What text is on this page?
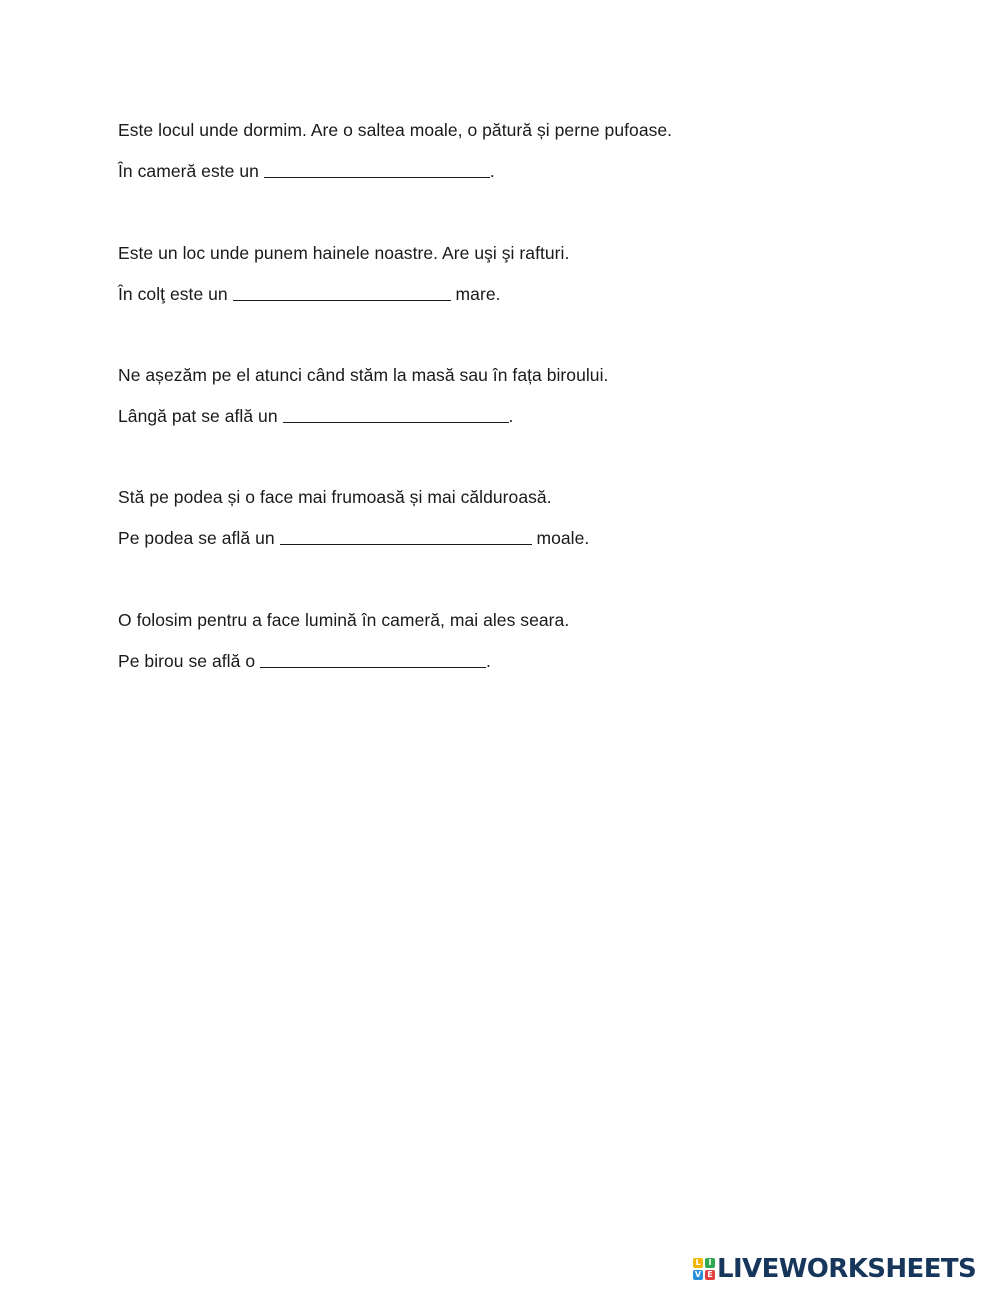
Este locul unde dormim. Are o saltea moale, o pătură și perne pufoase.
În cameră este un	.
Este un loc unde punem hainele noastre. Are uşi şi rafturi.
În colţ este un	mare.
Ne așezăm pe el atunci când stăm la masă sau în fața biroului.
Lângă pat se află un	.
Stă pe podea și o face mai frumoasă și mai călduroasă.
Pe podea se află un	moale.
O folosim pentru a face lumină în cameră, mai ales seara.
Pe birou se află o	.
L I
V E LIVEWORKSHEETS
